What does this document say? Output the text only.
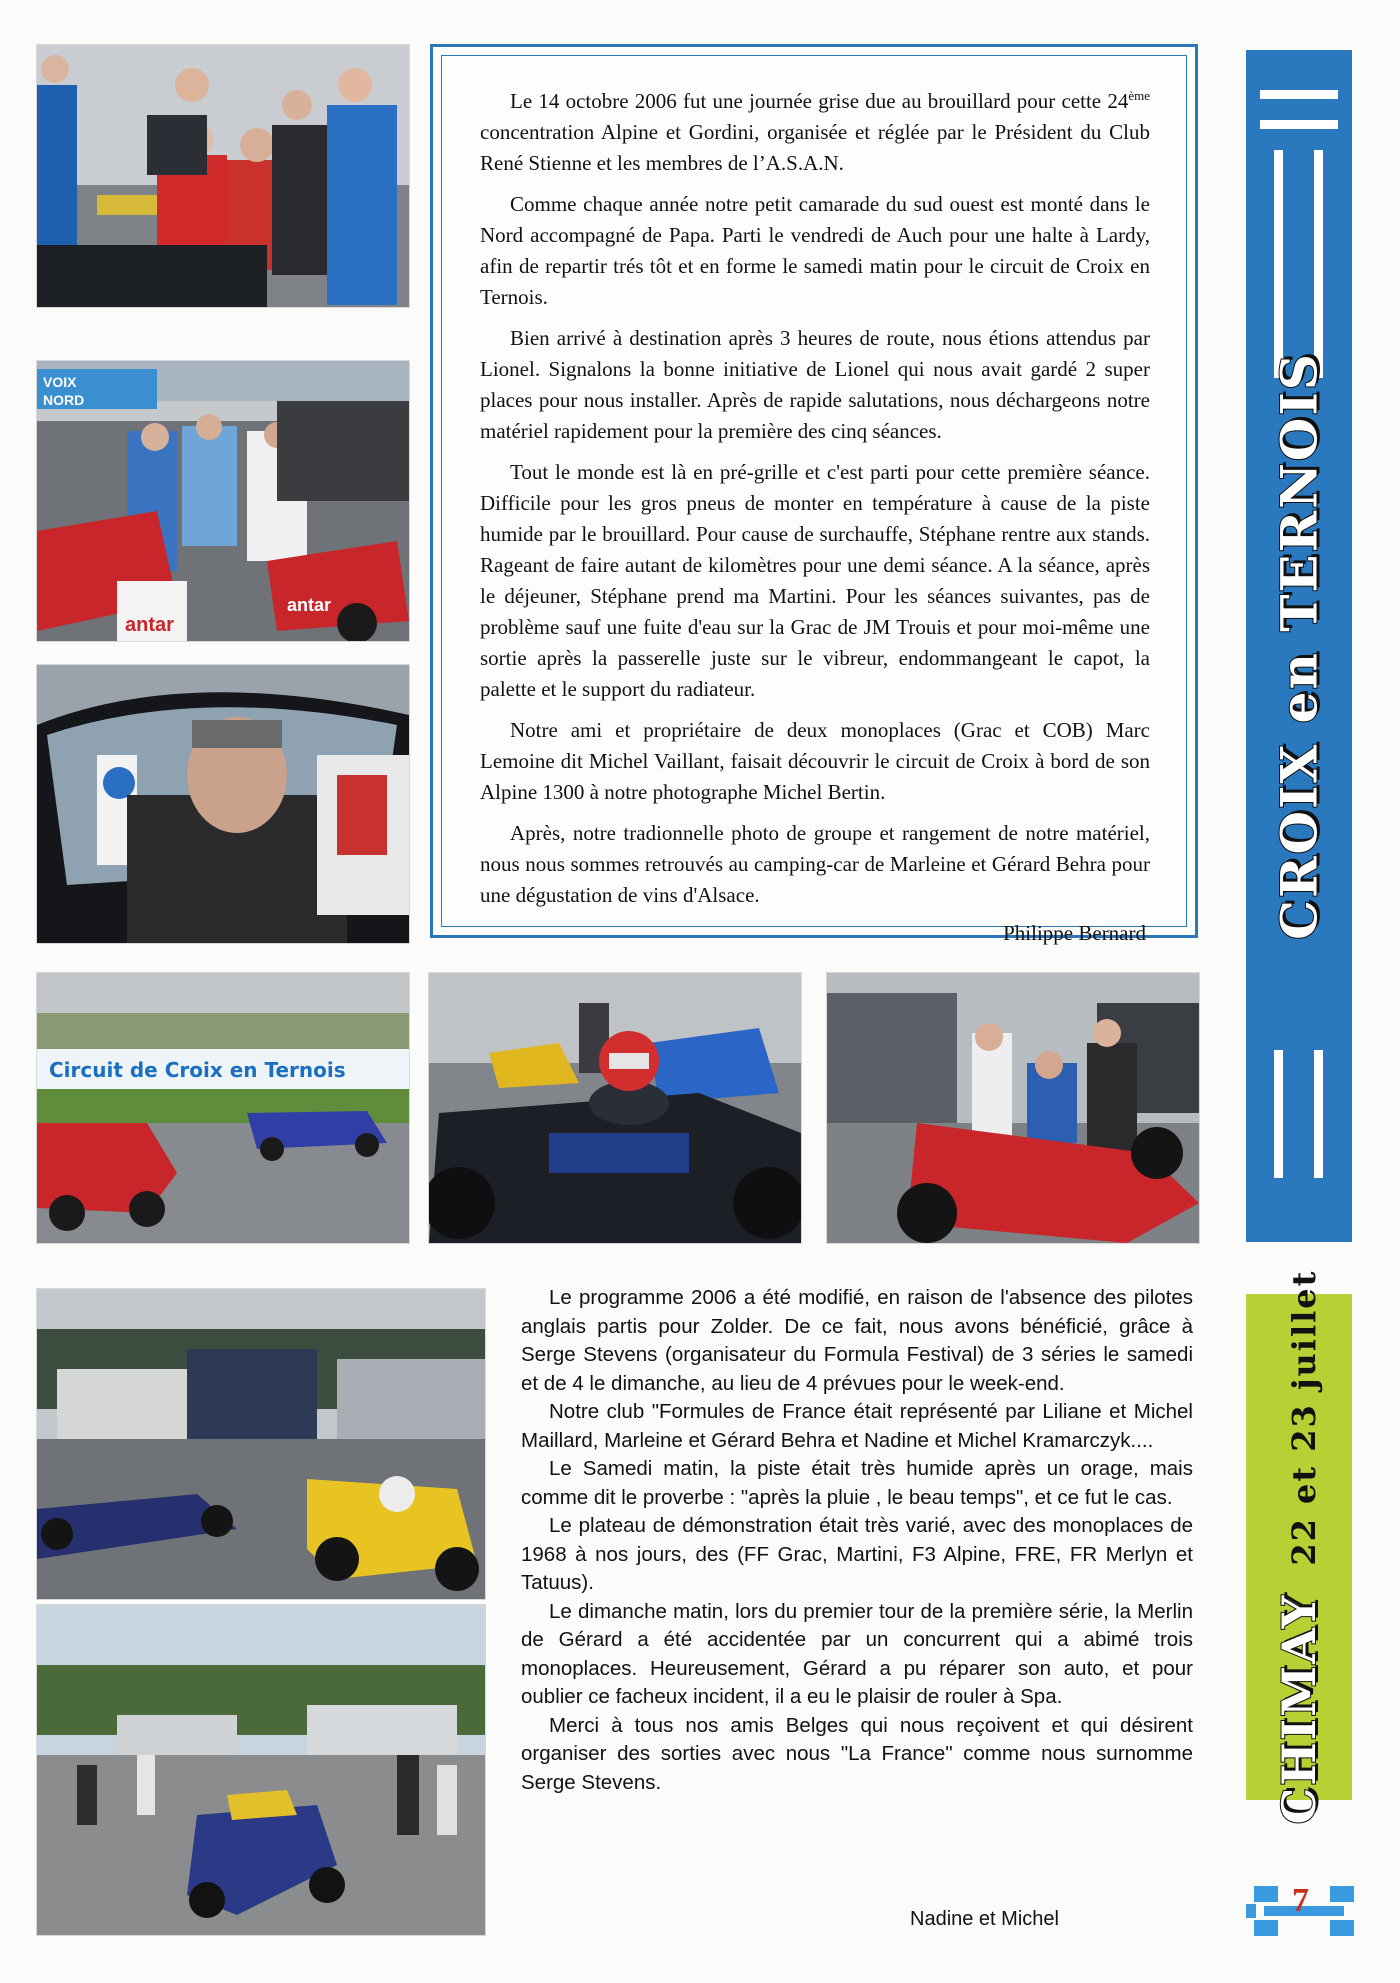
VOIX
NORD
antar
antar

Le 14 octobre 2006 fut une journée grise due au brouillard pour cette 24ème concentration Alpine et Gordini, organisée et réglée par le Président du Club René Stienne et les membres de l’A.S.A.N.

Comme chaque année notre petit camarade du sud ouest est monté dans le Nord accompagné de Papa. Parti le vendredi de Auch pour une halte à Lardy, afin de repartir trés tôt et en forme le samedi matin pour le circuit de Croix en Ternois.

Bien arrivé à destination après 3 heures de route, nous étions attendus par Lionel. Signalons la bonne initiative de Lionel qui nous avait gardé 2 super places pour nous installer. Après de rapide salutations, nous déchargeons notre matériel rapidement pour la première des cinq séances.

Tout le monde est là en pré-grille et c'est parti pour cette première séance. Difficile pour les gros pneus de monter en température à cause de la piste humide par le brouillard. Pour cause de surchauffe, Stéphane rentre aux stands. Rageant de faire autant de kilomètres pour une demi séance. A la séance, après le déjeuner, Stéphane prend ma Martini. Pour les séances suivantes, pas de problème sauf une fuite d'eau sur la Grac de JM Trouis et pour moi-même une sortie après la passerelle juste sur le vibreur, endommangeant le capot, la palette et le support du radiateur.

Notre ami et propriétaire de deux monoplaces (Grac et COB) Marc Lemoine dit Michel Vaillant, faisait découvrir le circuit de Croix à bord de son Alpine 1300 à notre photographe Michel Bertin.

Après, notre tradionnelle photo de groupe et rangement de notre matériel, nous nous sommes retrouvés au camping-car de Marleine et Gérard Behra pour une dégustation de vins d'Alsace.

Philippe Bernard CROIX en TERNOIS
Circuit de Croix en Ternois

Le programme 2006 a été modifié, en raison de l'absence des pilotes anglais partis pour Zolder. De ce fait, nous avons bénéficié, grâce à Serge Stevens (organisateur du Formula Festival) de 3 séries le samedi et de 4 le dimanche, au lieu de 4 prévues pour le week-end.

Notre club "Formules de France était représenté par Liliane et Michel Maillard, Marleine et Gérard Behra et Nadine et Michel Kramarczyk....

Le Samedi matin, la piste était très humide après un orage, mais comme dit le proverbe : "après la pluie , le beau temps", et ce fut le cas.

Le plateau de démonstration était très varié, avec des monoplaces de 1968 à nos jours, des (FF Grac, Martini, F3 Alpine, FRE, FR Merlyn et Tatuus).

Le dimanche matin, lors du premier tour de la première série, la Merlin de Gérard a été accidentée par un concurrent qui a abimé trois monoplaces. Heureusement, Gérard a pu réparer son auto, et pour oublier ce facheux incident, il a eu le plaisir de rouler à Spa.

Merci à tous nos amis Belges qui nous reçoivent et qui désirent organiser des sorties avec nous "La France" comme nous surnomme Serge Stevens.

Nadine et Michel
CHIMAY 22 et 23 juillet
7
